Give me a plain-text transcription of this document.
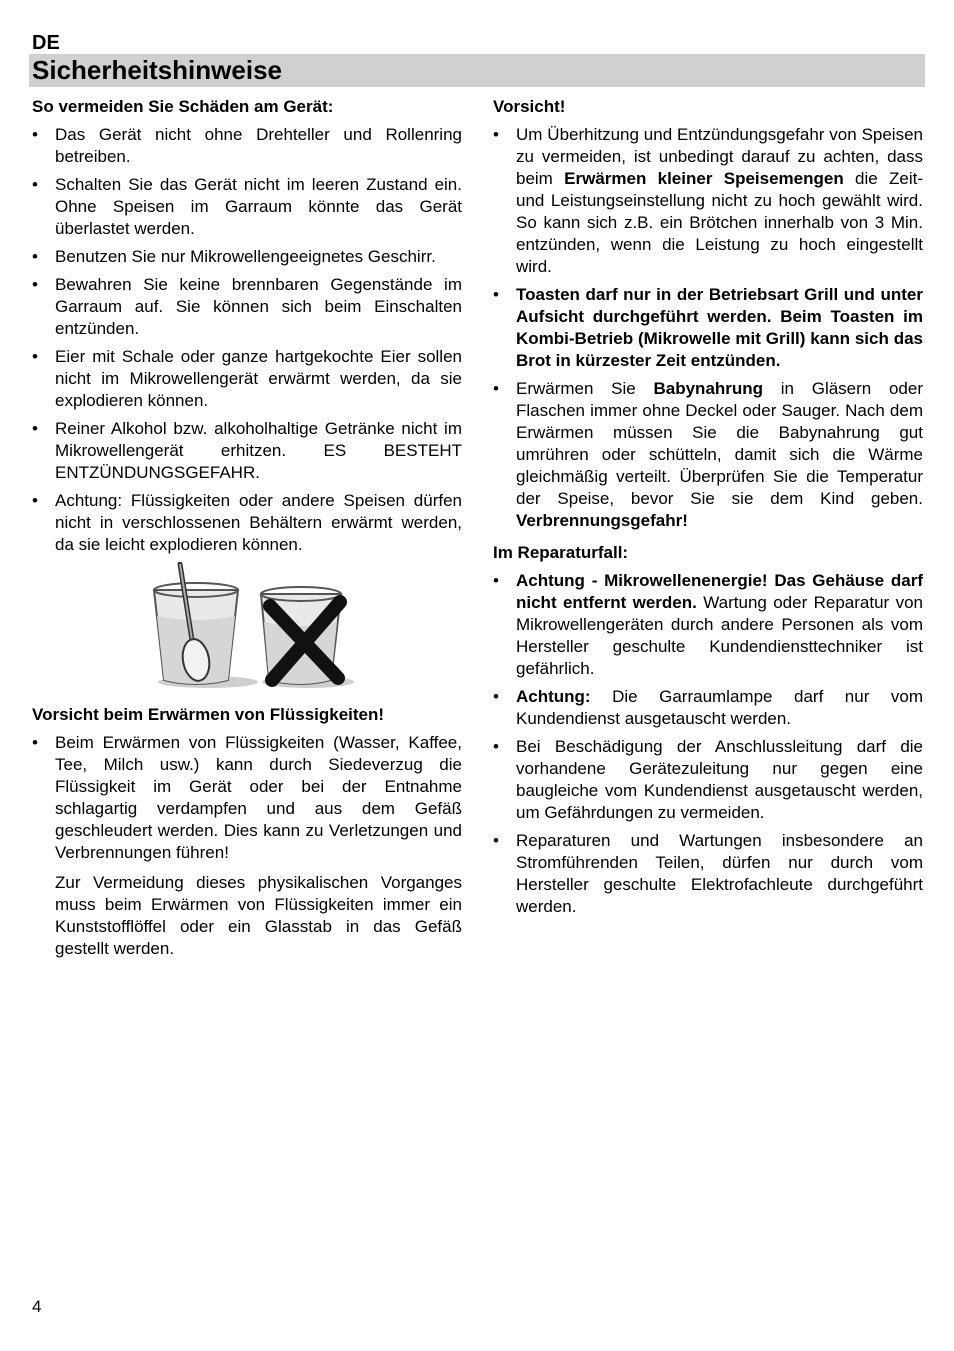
DE
Sicherheitshinweise
So vermeiden Sie Schäden am Gerät:
• Das Gerät nicht ohne Drehteller und Rollenring betreiben.
• Schalten Sie das Gerät nicht im leeren Zustand ein. Ohne Speisen im Garraum könnte das Gerät überlastet werden.
• Benutzen Sie nur Mikrowellengeeignetes Geschirr.
• Bewahren Sie keine brennbaren Gegenstände im Garraum auf. Sie können sich beim Einschalten entzünden.
• Eier mit Schale oder ganze hartgekochte Eier sollen nicht im Mikrowellengerät erwärmt werden, da sie explodieren können.
• Reiner Alkohol bzw. alkoholhaltige Getränke nicht im Mikrowellengerät erhitzen. ES BESTEHT ENTZÜNDUNGSGEFAHR.
• Achtung: Flüssigkeiten oder andere Speisen dürfen nicht in verschlossenen Behältern erwärmt werden, da sie leicht explodieren können.
Vorsicht beim Erwärmen von Flüssigkeiten!
• Beim Erwärmen von Flüssigkeiten (Wasser, Kaffee, Tee, Milch usw.) kann durch Siedeverzug die Flüssigkeit im Gerät oder bei der Entnahme schlagartig verdampfen und aus dem Gefäß geschleudert werden. Dies kann zu Verletzungen und Verbrennungen führen!

Zur Vermeidung dieses physikalischen Vorganges muss beim Erwärmen von Flüssigkeiten immer ein Kunststofflöffel oder ein Glasstab in das Gefäß gestellt werden.

Vorsicht!
• Um Überhitzung und Entzündungsgefahr von Speisen zu vermeiden, ist unbedingt darauf zu achten, dass beim Erwärmen kleiner Speisemengen die Zeit- und Leistungseinstellung nicht zu hoch gewählt wird. So kann sich z.B. ein Brötchen innerhalb von 3 Min. entzünden, wenn die Leistung zu hoch eingestellt wird.
• Toasten darf nur in der Betriebsart Grill und unter Aufsicht durchgeführt werden. Beim Toasten im Kombi-Betrieb (Mikrowelle mit Grill) kann sich das Brot in kürzester Zeit entzünden.
• Erwärmen Sie Babynahrung in Gläsern oder Flaschen immer ohne Deckel oder Sauger. Nach dem Erwärmen müssen Sie die Babynahrung gut umrühren oder schütteln, damit sich die Wärme gleichmäßig verteilt. Überprüfen Sie die Temperatur der Speise, bevor Sie sie dem Kind geben. Verbrennungsgefahr!
Im Reparaturfall:
• Achtung - Mikrowellenenergie! Das Gehäuse darf nicht entfernt werden. Wartung oder Reparatur von Mikrowellengeräten durch andere Personen als vom Hersteller geschulte Kundendiensttechniker ist gefährlich.
• Achtung: Die Garraumlampe darf nur vom Kundendienst ausgetauscht werden.
• Bei Beschädigung der Anschlussleitung darf die vorhandene Gerätezuleitung nur gegen eine baugleiche vom Kundendienst ausgetauscht werden, um Gefährdungen zu vermeiden.
• Reparaturen und Wartungen insbesondere an Stromführenden Teilen, dürfen nur durch vom Hersteller geschulte Elektrofachleute durchgeführt werden.
4
